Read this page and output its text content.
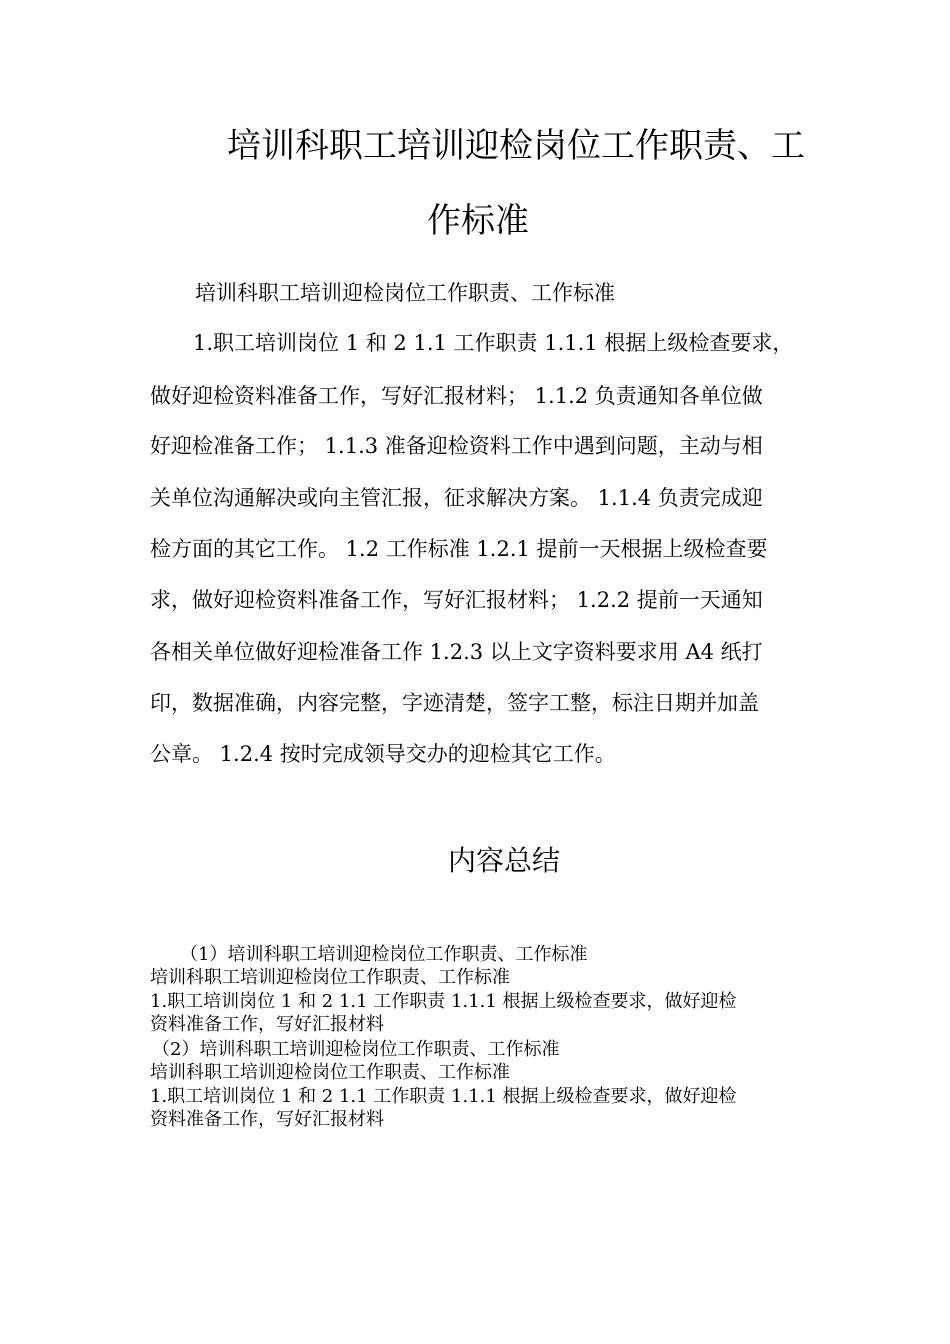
培训科职工培训迎检岗位工作职责、工
作标准
培训科职工培训迎检岗位工作职责、工作标准
1.职工培训岗位 1 和 2 1.1 工作职责 1.1.1 根据上级检查要求，
做好迎检资料准备工作，写好汇报材料； 1.1.2 负责通知各单位做
好迎检准备工作； 1.1.3 准备迎检资料工作中遇到问题，主动与相
关单位沟通解决或向主管汇报，征求解决方案。 1.1.4 负责完成迎
检方面的其它工作。 1.2 工作标准 1.2.1 提前一天根据上级检查要
求，做好迎检资料准备工作，写好汇报材料； 1.2.2 提前一天通知
各相关单位做好迎检准备工作 1.2.3 以上文字资料要求用 A4 纸打
印，数据准确，内容完整，字迹清楚，签字工整，标注日期并加盖
公章。 1.2.4 按时完成领导交办的迎检其它工作。
内容总结
（1）培训科职工培训迎检岗位工作职责、工作标准
培训科职工培训迎检岗位工作职责、工作标准
1.职工培训岗位 1 和 2 1.1 工作职责 1.1.1 根据上级检查要求，做好迎检
资料准备工作，写好汇报材料
（2）培训科职工培训迎检岗位工作职责、工作标准
培训科职工培训迎检岗位工作职责、工作标准
1.职工培训岗位 1 和 2 1.1 工作职责 1.1.1 根据上级检查要求，做好迎检
资料准备工作，写好汇报材料
